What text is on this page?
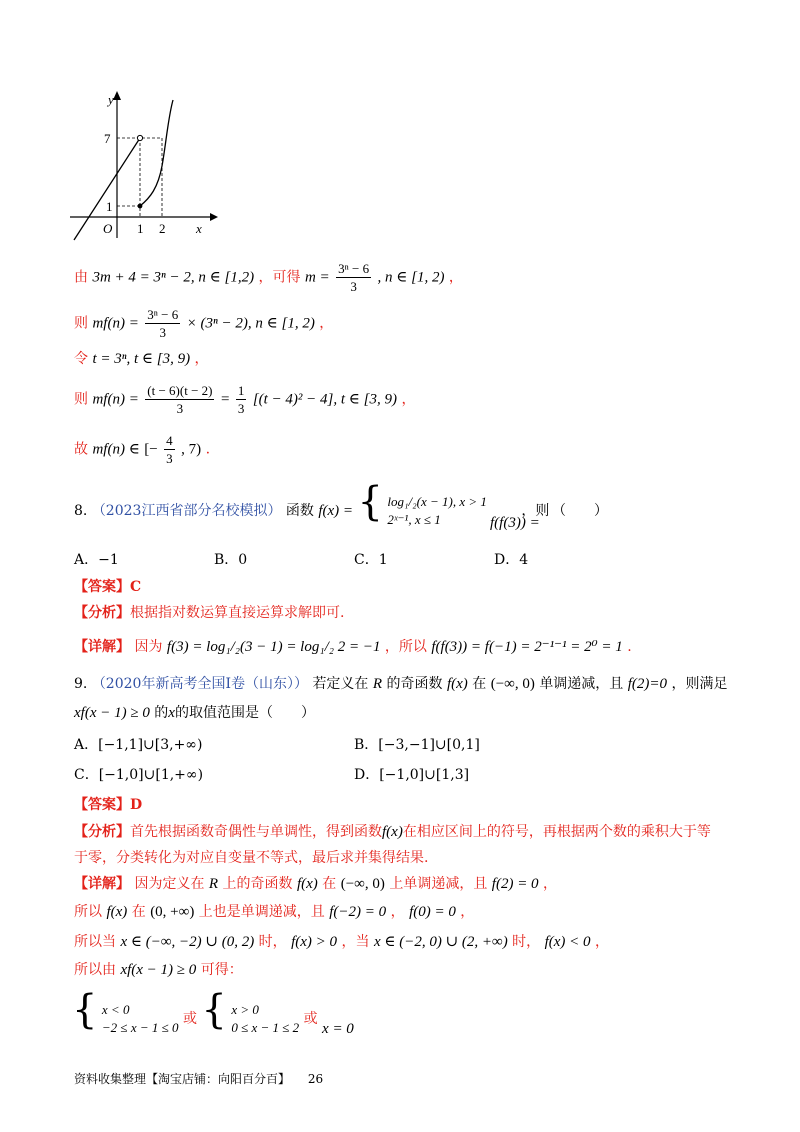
y
x
O
7
1
1 2
由 3m + 4 = 3ⁿ − 2, n ∈ [1,2) ，可得 $m = \frac{\text{3ⁿ − 6}}{3}$ , n ∈ [1, 2) ，
则 $mf(n) = \frac{\text{3ⁿ − 6}}{3} \times (3^n - 2)$, n ∈ [1, 2) ，
令 t = 3ⁿ, t ∈ [3, 9) ，
则 $mf(n) = \frac{(t - 6)(t - 2)}{3} = \frac{1}{3} [(t - 4)^2 - 4]$, t ∈ [3, 9) ，
故 mf(n) ∈ [− $\frac{4}{3}$ , 7) .
8. （2023江西省部分名校模拟） 函数 f(x) = { log₁/₂(x − 1), x > 1
2ˣ⁻¹, x ≤ 1
，则
f(f(3)) =
（　　）
A．−1	B．0	C．1	D．4
【答案】C
【分析】根据指对数运算直接运算求解即可.
【详解】 因为 f(3) = log₁/₂(3 − 1) = log₁/₂ 2 = −1 ，所以 f(f(3)) = f(−1) = 2⁻¹⁻¹ = 2⁰ = 1 .
9. （2020年新高考全国Ⅰ卷（山东）） 若定义在 R 的奇函数 f(x) 在 (−∞, 0) 单调递减，且 f(2)=0 ，则满足
xf(x − 1) ≥ 0 的x的取值范围是（　　）
A．[−1,1]∪[3,+∞)	B．[−3,−1]∪[0,1]
C．[−1,0]∪[1,+∞)	D．[−1,0]∪[1,3]
【答案】D
【分析】首先根据函数奇偶性与单调性，得到函数f(x)在相应区间上的符号，再根据两个数的乘积大于等
于零，分类转化为对应自变量不等式，最后求并集得结果.
【详解】 因为定义在 R 上的奇函数 f(x) 在 (−∞, 0) 上单调递减，且 f(2) = 0 ，
所以 f(x) 在 (0, +∞) 上也是单调递减，且 f(−2) = 0 ， f(0) = 0 ，
所以当 x ∈ (−∞, −2) ∪ (0, 2) 时， f(x) > 0 ，当 x ∈ (−2, 0) ∪ (2, +∞) 时， f(x) < 0 ，
所以由 xf(x − 1) ≥ 0 可得：
{ x < 0
−2 ≤ x − 1 ≤ 0
或 { x > 0
0 ≤ x − 1 ≤ 2
或 x = 0
资料收集整理【淘宝店铺：向阳百分百】 26
